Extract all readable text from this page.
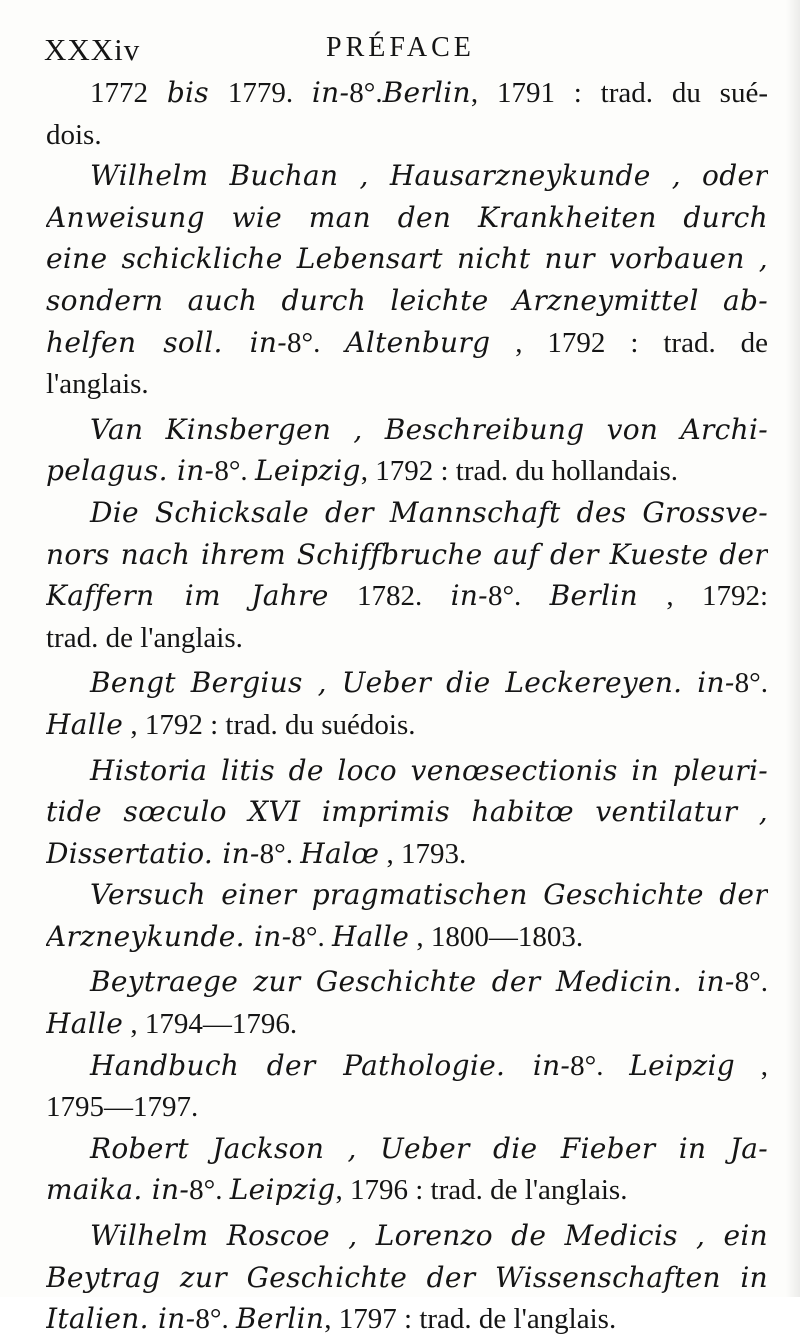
XXXiv	PRÉFACE
1772 bis 1779. in-8°.Berlin, 1791 : trad. du sué-
dois.
Wilhelm Buchan , Hausarzneykunde , oder
Anweisung wie man den Krankheiten durch
eine schickliche Lebensart nicht nur vorbauen ,
sondern auch durch leichte Arzneymittel ab-
helfen soll. in-8°. Altenburg , 1792 : trad. de
l'anglais.
Van Kinsbergen , Beschreibung von Archi-
pelagus. in-8°. Leipzig, 1792 : trad. du hollandais.
Die Schicksale der Mannschaft des Grossve-
nors nach ihrem Schiffbruche auf der Kueste der
Kaffern im Jahre 1782. in-8°. Berlin , 1792:
trad. de l'anglais.
Bengt Bergius , Ueber die Leckereyen. in-8°.
Halle , 1792 : trad. du suédois.
Historia litis de loco venœsectionis in pleuri-
tide sœculo XVI imprimis habitœ ventilatur ,
Dissertatio. in-8°. Halœ , 1793.
Versuch einer pragmatischen Geschichte der
Arzneykunde. in-8°. Halle , 1800—1803.
Beytraege zur Geschichte der Medicin. in-8°.
Halle , 1794—1796.
Handbuch der Pathologie. in-8°. Leipzig ,
1795—1797.
Robert Jackson , Ueber die Fieber in Ja-
maika. in-8°. Leipzig, 1796 : trad. de l'anglais.
Wilhelm Roscoe , Lorenzo de Medicis , ein
Beytrag zur Geschichte der Wissenschaften in
Italien. in-8°. Berlin, 1797 : trad. de l'anglais.
